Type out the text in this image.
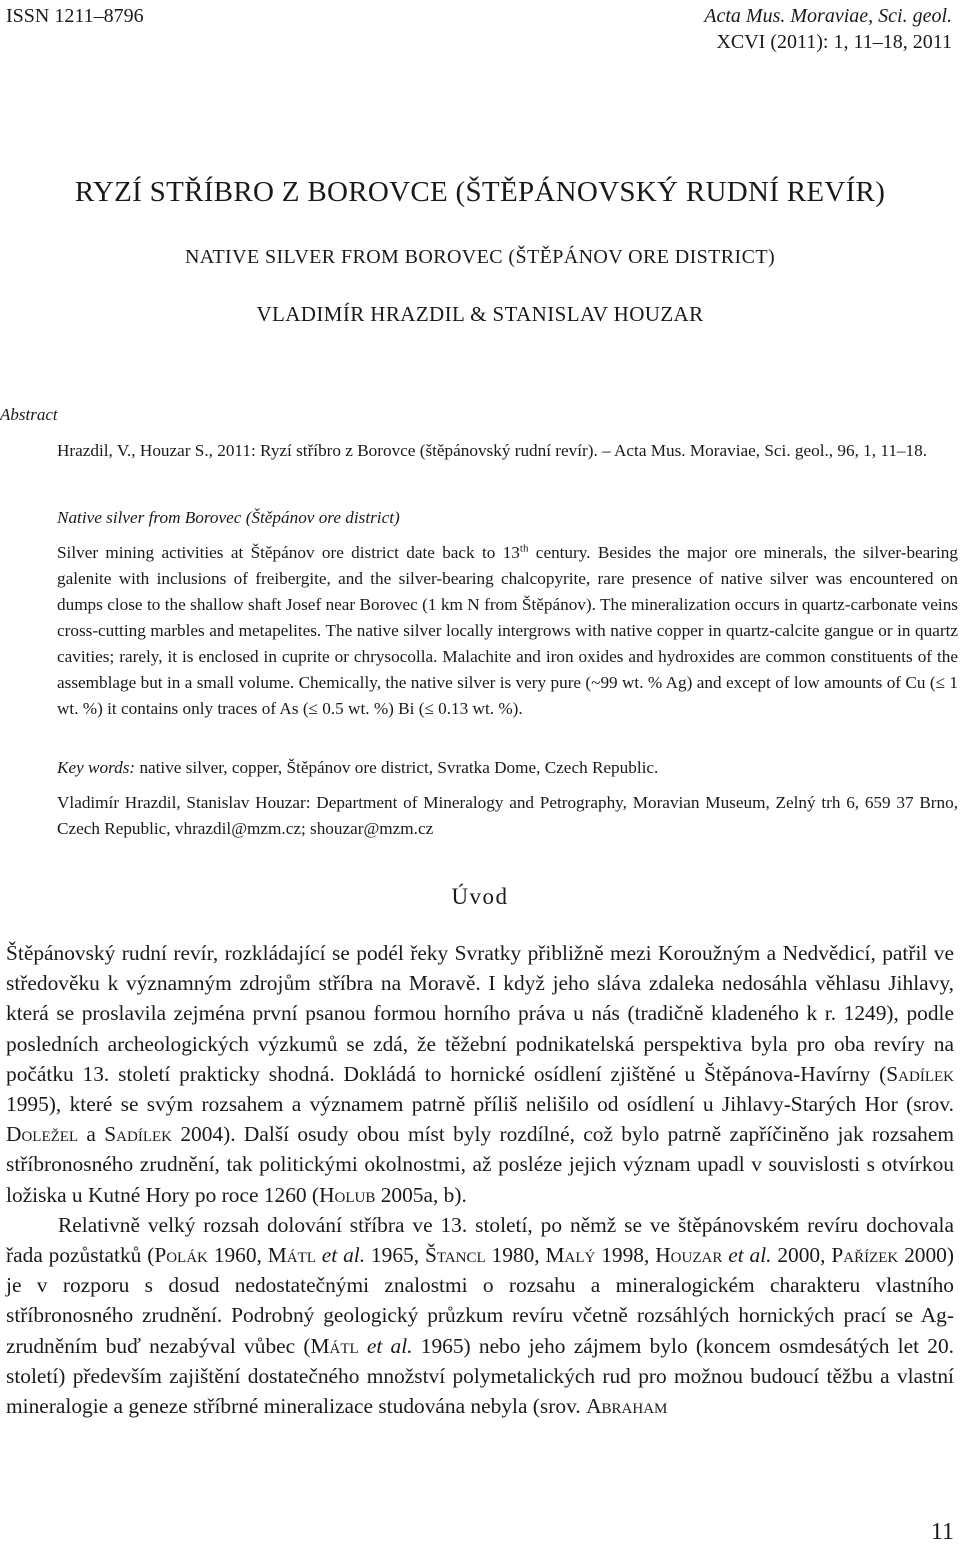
ISSN 1211–8796	Acta Mus. Moraviae, Sci. geol.
XCVI (2011): 1, 11–18, 2011
RYZÍ STŘÍBRO Z BOROVCE (ŠTĚPÁNOVSKÝ RUDNÍ REVÍR)
NATIVE SILVER FROM BOROVEC (ŠTĚPÁNOV ORE DISTRICT)
VLADIMÍR HRAZDIL & STANISLAV HOUZAR
Abstract
Hrazdil, V., Houzar S., 2011: Ryzí stříbro z Borovce (štěpánovský rudní revír). – Acta Mus. Moraviae, Sci. geol., 96, 1, 11–18.
Native silver from Borovec (Štěpánov ore district)
Silver mining activities at Štěpánov ore district date back to 13th century. Besides the major ore minerals, the silver-bearing galenite with inclusions of freibergite, and the silver-bearing chalcopyrite, rare presence of native silver was encountered on dumps close to the shallow shaft Josef near Borovec (1 km N from Štěpánov). The mineralization occurs in quartz-carbonate veins cross-cutting marbles and metapelites. The native silver locally intergrows with native copper in quartz-calcite gangue or in quartz cavities; rarely, it is enclosed in cuprite or chrysocolla. Malachite and iron oxides and hydroxides are common constituents of the assemblage but in a small volume. Chemically, the native silver is very pure (~99 wt. % Ag) and except of low amounts of Cu (≤ 1 wt. %) it contains only traces of As (≤ 0.5 wt. %) Bi (≤ 0.13 wt. %).
Key words: native silver, copper, Štěpánov ore district, Svratka Dome, Czech Republic.
Vladimír Hrazdil, Stanislav Houzar: Department of Mineralogy and Petrography, Moravian Museum, Zelný trh 6, 659 37 Brno, Czech Republic, vhrazdil@mzm.cz; shouzar@mzm.cz
Úvod

Štěpánovský rudní revír, rozkládající se podél řeky Svratky přibližně mezi Koroužným a Nedvědicí, patřil ve středověku k významným zdrojům stříbra na Moravě. I když jeho sláva zdaleka nedosáhla věhlasu Jihlavy, která se proslavila zejména první psanou formou horního práva u nás (tradičně kladeného k r. 1249), podle posledních archeologických výzkumů se zdá, že těžební podnikatelská perspektiva byla pro oba revíry na počátku 13. století prakticky shodná. Dokládá to hornické osídlení zjištěné u Štěpánova-Havírny (Sadílek 1995), které se svým rozsahem a významem patrně příliš nelišilo od osídlení u Jihlavy-Starých Hor (srov. Doležel a Sadílek 2004). Další osudy obou míst byly rozdílné, což bylo patrně zapříčiněno jak rozsahem stříbronosného zrudnění, tak politickými okolnostmi, až posléze jejich význam upadl v souvislosti s otvírkou ložiska u Kutné Hory po roce 1260 (Holub 2005a, b).

Relativně velký rozsah dolování stříbra ve 13. století, po němž se ve štěpánovském revíru dochovala řada pozůstatků (Polák 1960, Mátl et al. 1965, Štancl 1980, Malý 1998, Houzar et al. 2000, Pařízek 2000) je v rozporu s dosud nedostatečnými znalostmi o rozsahu a mineralogickém charakteru vlastního stříbronosného zrudnění. Podrobný geologický průzkum revíru včetně rozsáhlých hornických prací se Ag-zrudněním buď nezabýval vůbec (Mátl et al. 1965) nebo jeho zájmem bylo (koncem osmdesátých let 20. století) především zajištění dostatečného množství polymetalických rud pro možnou budoucí těžbu a vlastní mineralogie a geneze stříbrné mineralizace studována nebyla (srov. Abraham

11
